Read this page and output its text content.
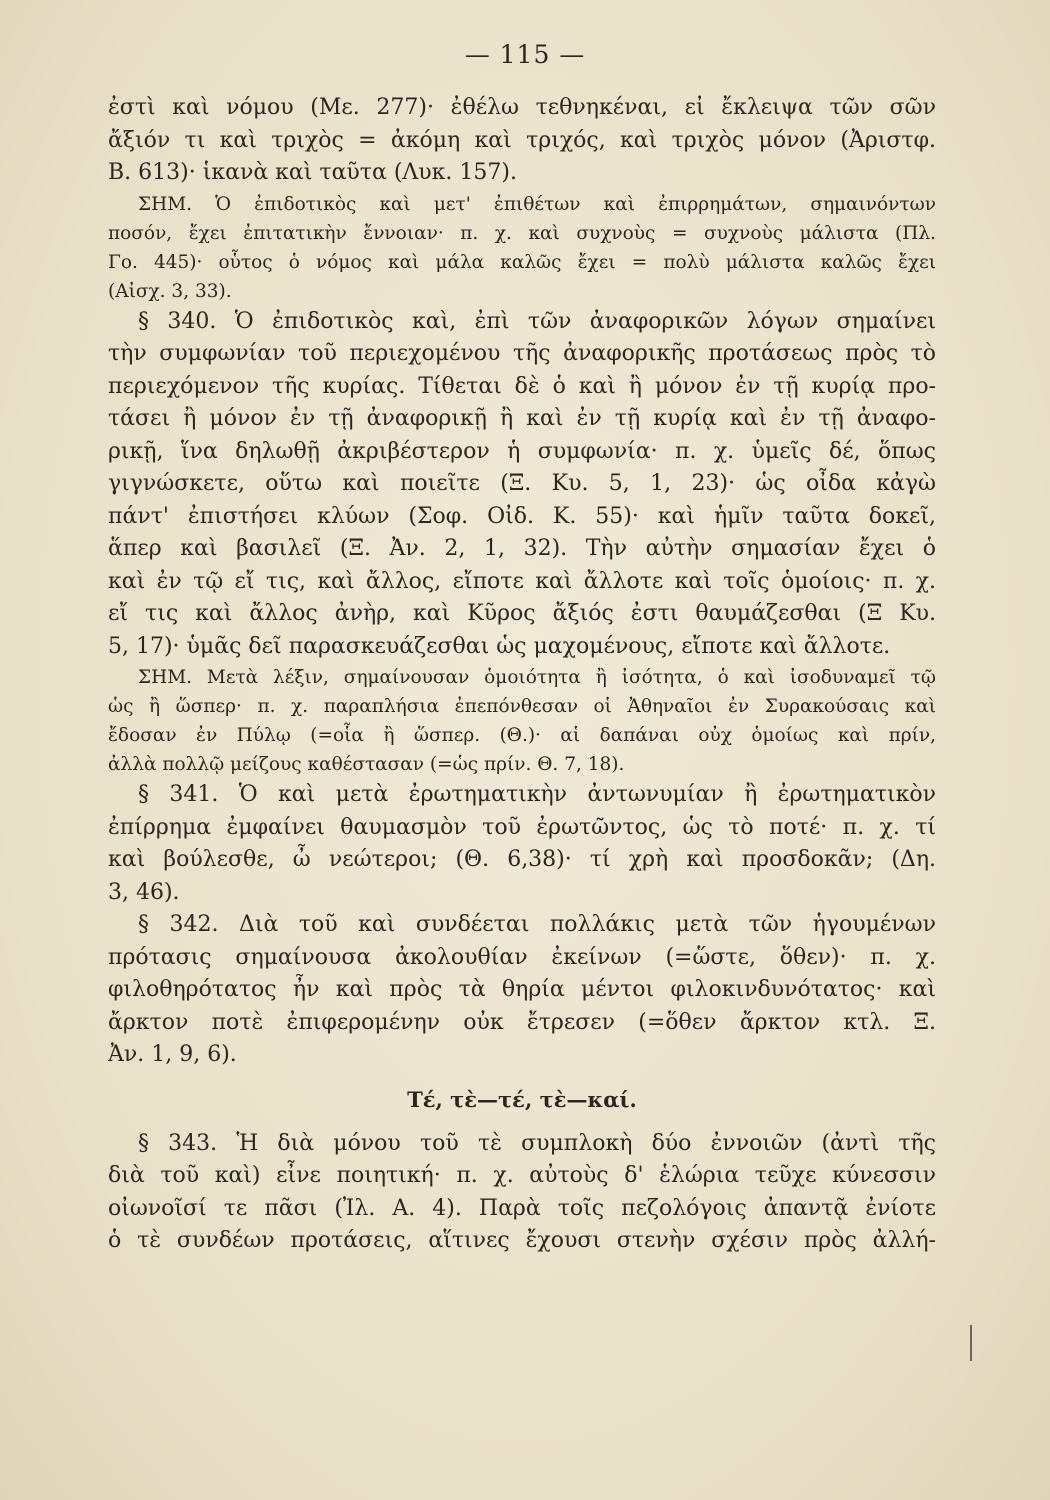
— 115 —
ἐστὶ καὶ νόμου (Με. 277)· ἐθέλω τεθνηκέναι, εἰ ἔκλειψα τῶν σῶν
ἄξιόν τι καὶ τριχὸς = ἀκόμη καὶ τριχός, καὶ τριχὸς μόνον (Ἀριστφ.
Β. 613)· ἱκανὰ καὶ ταῦτα (Λυκ. 157).
ΣΗΜ. Ὁ ἐπιδοτικὸς καὶ μετ' ἐπιθέτων καὶ ἐπιρρημάτων, σημαινόντων
ποσόν, ἔχει ἐπιτατικὴν ἔννοιαν· π. χ. καὶ συχνοὺς = συχνοὺς μάλιστα (Πλ.
Γο. 445)· οὗτος ὁ νόμος καὶ μάλα καλῶς ἔχει = πολὺ μάλιστα καλῶς ἔχει
(Αἰσχ. 3, 33).
§ 340. Ὁ ἐπιδοτικὸς καὶ, ἐπὶ τῶν ἀναφορικῶν λόγων σημαίνει
τὴν συμφωνίαν τοῦ περιεχομένου τῆς ἀναφορικῆς προτάσεως πρὸς τὸ
περιεχόμενον τῆς κυρίας. Τίθεται δὲ ὁ καὶ ἢ μόνον ἐν τῇ κυρίᾳ προ-
τάσει ἢ μόνον ἐν τῇ ἀναφορικῇ ἢ καὶ ἐν τῇ κυρίᾳ καὶ ἐν τῇ ἀναφο-
ρικῇ, ἵνα δηλωθῇ ἀκριβέστερον ἡ συμφωνία· π. χ. ὑμεῖς δέ, ὅπως
γιγνώσκετε, οὕτω καὶ ποιεῖτε (Ξ. Κυ. 5, 1, 23)· ὡς οἶδα κἀγὼ
πάντ' ἐπιστήσει κλύων (Σοφ. Οἰδ. Κ. 55)· καὶ ἡμῖν ταῦτα δοκεῖ,
ἅπερ καὶ βασιλεῖ (Ξ. Ἀν. 2, 1, 32). Τὴν αὐτὴν σημασίαν ἔχει ὁ
καὶ ἐν τῷ εἴ τις, καὶ ἄλλος, εἴποτε καὶ ἄλλοτε καὶ τοῖς ὁμοίοις· π. χ.
εἴ τις καὶ ἄλλος ἀνὴρ, καὶ Κῦρος ἄξιός ἐστι θαυμάζεσθαι (Ξ Κυ.
5, 17)· ὑμᾶς δεῖ παρασκευάζεσθαι ὡς μαχομένους, εἴποτε καὶ ἄλλοτε.
ΣΗΜ. Μετὰ λέξιν, σημαίνουσαν ὁμοιότητα ἢ ἰσότητα, ὁ καὶ ἰσοδυναμεῖ τῷ
ὡς ἢ ὥσπερ· π. χ. παραπλήσια ἐπεπόνθεσαν οἱ Ἀθηναῖοι ἐν Συρακούσαις καὶ
ἔδοσαν ἐν Πύλῳ (=οἷα ἢ ὥσπερ. (Θ.)· αἱ δαπάναι οὐχ ὁμοίως καὶ πρίν,
ἀλλὰ πολλῷ μείζους καθέστασαν (=ὡς πρίν. Θ. 7, 18).
§ 341. Ὁ καὶ μετὰ ἐρωτηματικὴν ἀντωνυμίαν ἢ ἐρωτηματικὸν
ἐπίρρημα ἐμφαίνει θαυμασμὸν τοῦ ἐρωτῶντος, ὡς τὸ ποτέ· π. χ. τί
καὶ βούλεσθε, ὦ νεώτεροι; (Θ. 6,38)· τί χρὴ καὶ προσδοκᾶν; (Δη.
3, 46).
§ 342. Διὰ τοῦ καὶ συνδέεται πολλάκις μετὰ τῶν ἡγουμένων
πρότασις σημαίνουσα ἀκολουθίαν ἐκείνων (=ὥστε, ὅθεν)· π. χ.
φιλοθηρότατος ἦν καὶ πρὸς τὰ θηρία μέντοι φιλοκινδυνότατος· καὶ
ἄρκτον ποτὲ ἐπιφερομένην οὐκ ἔτρεσεν (=ὅθεν ἄρκτον κτλ. Ξ.
Ἀν. 1, 9, 6).
Τέ, τὲ—τέ, τὲ—καί.
§ 343. Ἡ διὰ μόνου τοῦ τὲ συμπλοκὴ δύο ἐννοιῶν (ἀντὶ τῆς
διὰ τοῦ καὶ) εἶνε ποιητική· π. χ. αὐτοὺς δ' ἑλώρια τεῦχε κύνεσσιν
οἰωνοῖσί τε πᾶσι (Ἰλ. Α. 4). Παρὰ τοῖς πεζολόγοις ἀπαντᾷ ἐνίοτε
ὁ τὲ συνδέων προτάσεις, αἵτινες ἔχουσι στενὴν σχέσιν πρὸς ἀλλή-
